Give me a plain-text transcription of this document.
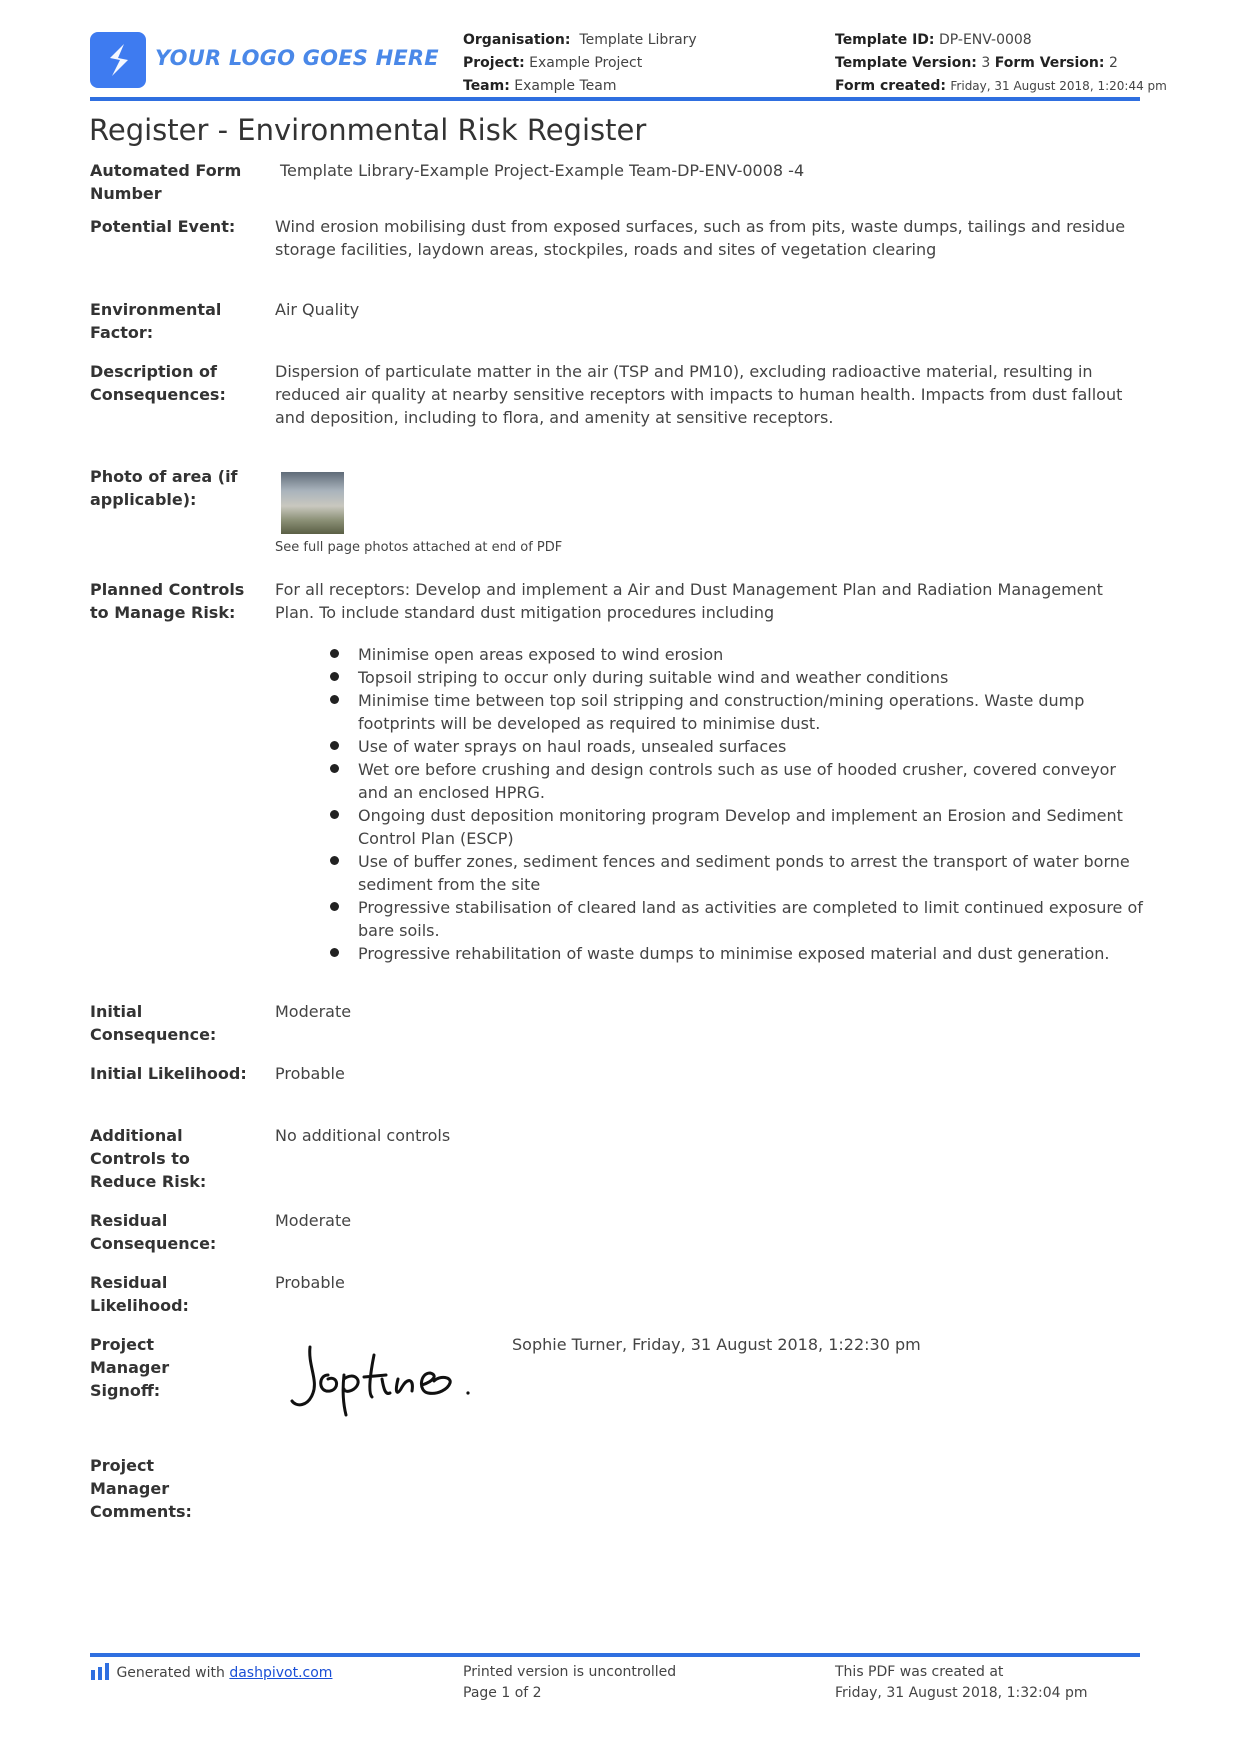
YOUR LOGO GOES HERE
Organisation: Template Library
Project: Example Project
Team: Example Team
Template ID: DP-ENV-0008
Template Version: 3 Form Version: 2
Form created: Friday, 31 August 2018, 1:20:44 pm
Register - Environmental Risk Register
Automated Form Number
Template Library-Example Project-Example Team-DP-ENV-0008 -4
Potential Event:	Wind erosion mobilising dust from exposed surfaces, such as from pits, waste dumps, tailings and residue storage facilities, laydown areas, stockpiles, roads and sites of vegetation clearing
Environmental Factor:
Air Quality
Description of Consequences:
Dispersion of particulate matter in the air (TSP and PM10), excluding radioactive material, resulting in reduced air quality at nearby sensitive receptors with impacts to human health. Impacts from dust fallout and deposition, including to flora, and amenity at sensitive receptors.
Photo of area (if applicable):
See full page photos attached at end of PDF
Planned Controls to Manage Risk:
For all receptors: Develop and implement a Air and Dust Management Plan and Radiation Management Plan. To include standard dust mitigation procedures including
Minimise open areas exposed to wind erosion
Topsoil striping to occur only during suitable wind and weather conditions
Minimise time between top soil stripping and construction/mining operations. Waste dump footprints will be developed as required to minimise dust.
Use of water sprays on haul roads, unsealed surfaces
Wet ore before crushing and design controls such as use of hooded crusher, covered conveyor and an enclosed HPRG.
Ongoing dust deposition monitoring program Develop and implement an Erosion and Sediment Control Plan (ESCP)
Use of buffer zones, sediment fences and sediment ponds to arrest the transport of water borne sediment from the site
Progressive stabilisation of cleared land as activities are completed to limit continued exposure of bare soils.
Progressive rehabilitation of waste dumps to minimise exposed material and dust generation.
Initial Consequence:
Moderate
Initial Likelihood:	Probable
Additional Controls to Reduce Risk:
No additional controls
Residual Consequence:
Moderate
Residual Likelihood:
Probable
Project Manager Signoff:
Sophie Turner, Friday, 31 August 2018, 1:22:30 pm
Project Manager Comments:
Generated with dashpivot.com	Printed version is uncontrolled
Page 1 of 2
This PDF was created at
Friday, 31 August 2018, 1:32:04 pm
